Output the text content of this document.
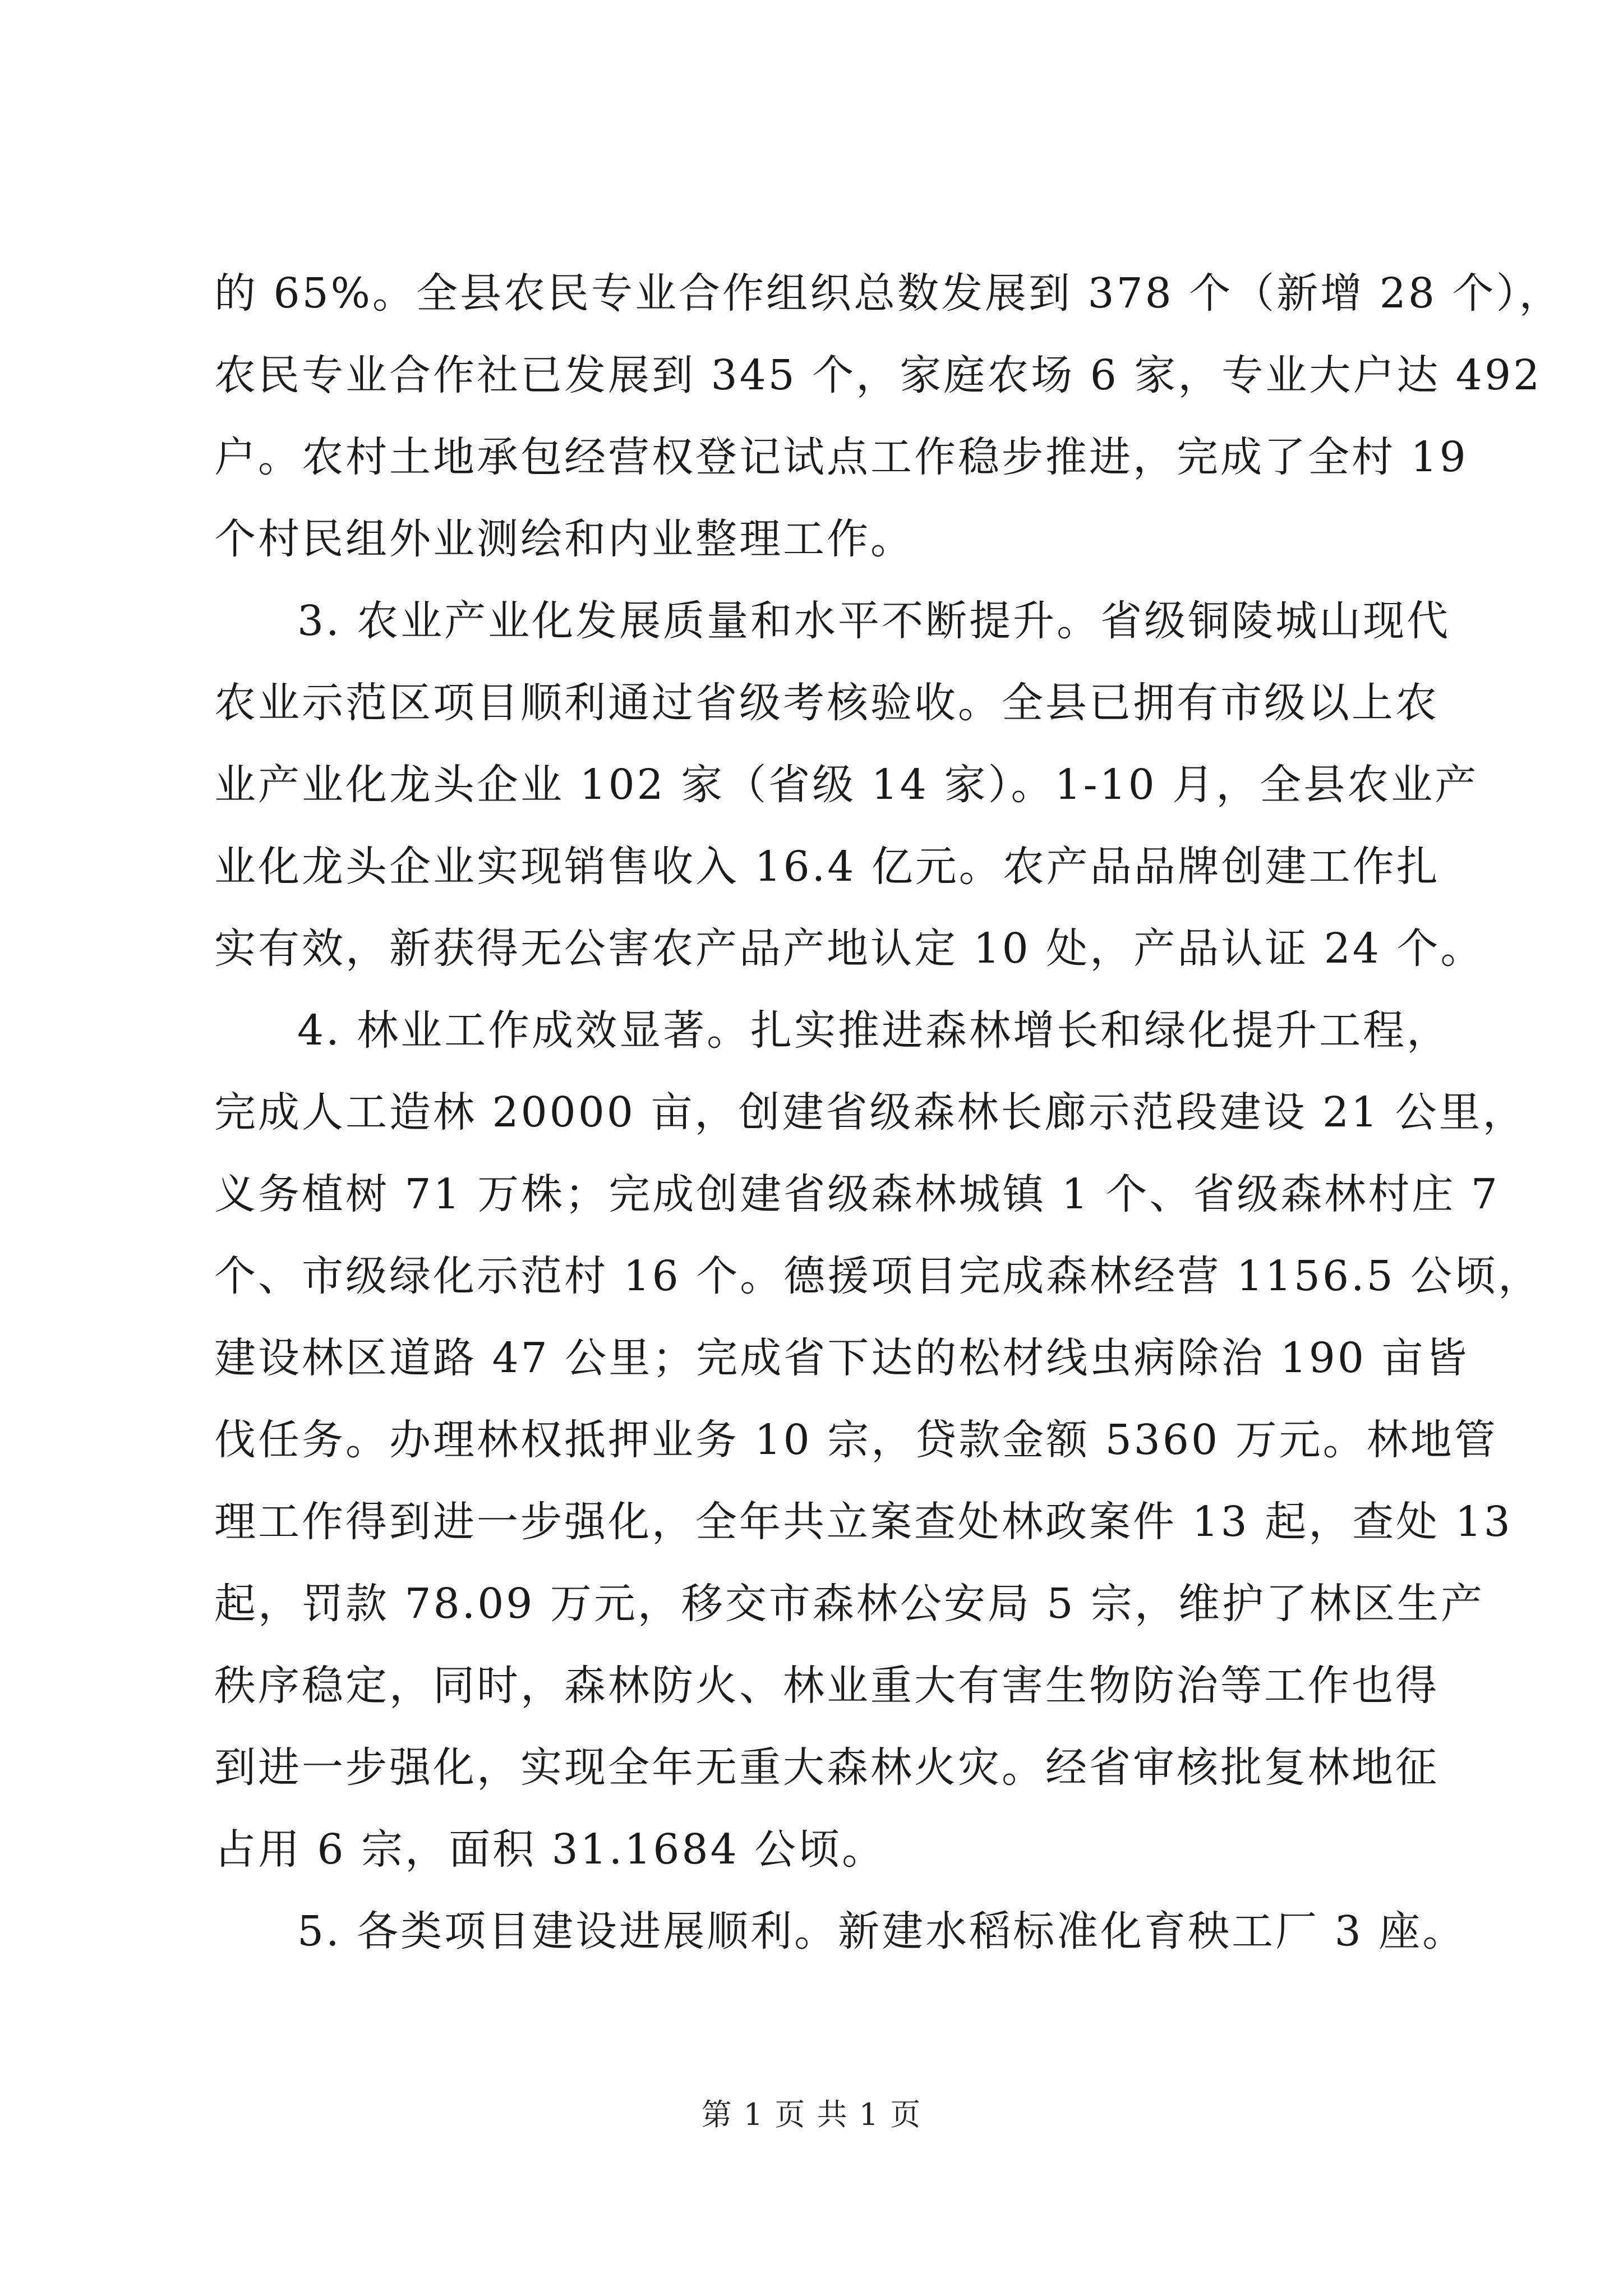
的 65%。全县农民专业合作组织总数发展到 378 个（新增 28 个），
农民专业合作社已发展到 345 个，家庭农场 6 家，专业大户达 492
户。农村土地承包经营权登记试点工作稳步推进，完成了全村 19
个村民组外业测绘和内业整理工作。
3. 农业产业化发展质量和水平不断提升。省级铜陵城山现代
农业示范区项目顺利通过省级考核验收。全县已拥有市级以上农
业产业化龙头企业 102 家（省级 14 家）。1-10 月，全县农业产
业化龙头企业实现销售收入 16.4 亿元。农产品品牌创建工作扎
实有效，新获得无公害农产品产地认定 10 处，产品认证 24 个。
4. 林业工作成效显著。扎实推进森林增长和绿化提升工程，
完成人工造林 20000 亩，创建省级森林长廊示范段建设 21 公里，
义务植树 71 万株；完成创建省级森林城镇 1 个、省级森林村庄 7
个、市级绿化示范村 16 个。德援项目完成森林经营 1156.5 公顷，
建设林区道路 47 公里；完成省下达的松材线虫病除治 190 亩皆
伐任务。办理林权抵押业务 10 宗，贷款金额 5360 万元。林地管
理工作得到进一步强化，全年共立案查处林政案件 13 起，查处 13
起，罚款 78.09 万元，移交市森林公安局 5 宗，维护了林区生产
秩序稳定，同时，森林防火、林业重大有害生物防治等工作也得
到进一步强化，实现全年无重大森林火灾。经省审核批复林地征
占用 6 宗，面积 31.1684 公顷。
5. 各类项目建设进展顺利。新建水稻标准化育秧工厂 3 座。
第 1 页 共 1 页
